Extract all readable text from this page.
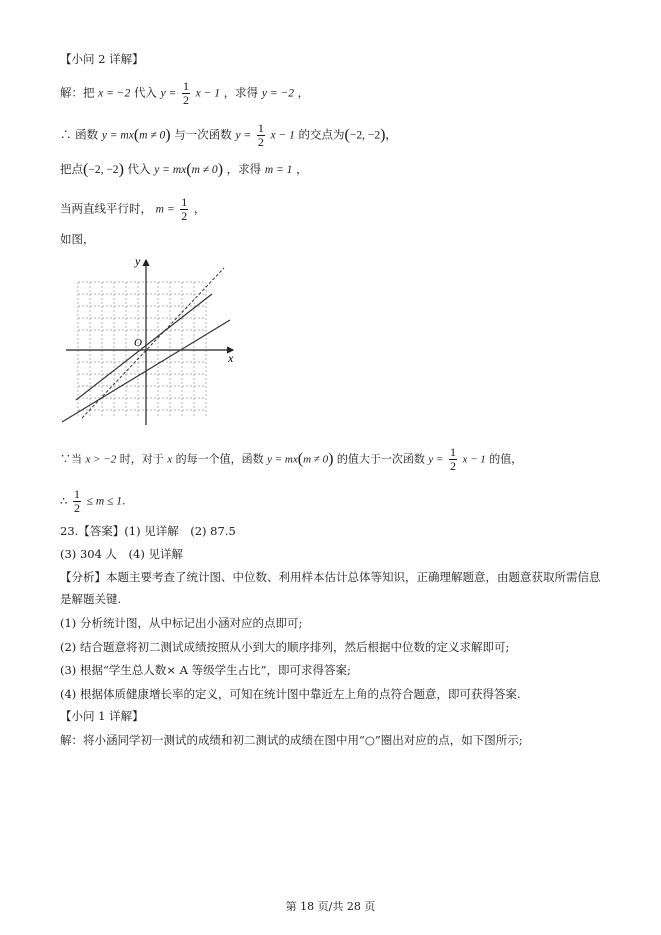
【小问 2 详解】
解：把 x = −2 代入 $y = \frac{1}{2}$ x − 1 ，求得 y = −2 ，
∴ 函数 y = mx(m ≠ 0) 与一次函数 $y = \frac{1}{2}$ x − 1 的交点为(−2, −2)，
把点(−2, −2) 代入 y = mx(m ≠ 0) ，求得 m = 1 ，
当两直线平行时， $m = \frac{1}{2}$ ，
如图，
y
x
O
∵当 x > −2 时，对于 x 的每一个值，函数 y = mx(m ≠ 0) 的值大于一次函数 $y = \frac{1}{2}$ x − 1 的值，
∴ $\frac{1}{2} \le m \le 1$.
23.【答案】(1) 见详解　(2) 87.5
(3) 304 人　(4) 见详解
【分析】本题主要考查了统计图、中位数、利用样本估计总体等知识，正确理解题意，由题意获取所需信息是解题关键.
(1) 分析统计图，从中标记出小涵对应的点即可;
(2) 结合题意将初二测试成绩按照从小到大的顺序排列，然后根据中位数的定义求解即可;
(3) 根据“学生总人数× A 等级学生占比”，即可求得答案;
(4) 根据体质健康增长率的定义，可知在统计图中靠近左上角的点符合题意，即可获得答案.
【小问 1 详解】
解：将小涵同学初一测试的成绩和初二测试的成绩在图中用“○”圈出对应的点，如下图所示;
第 18 页/共 28 页
